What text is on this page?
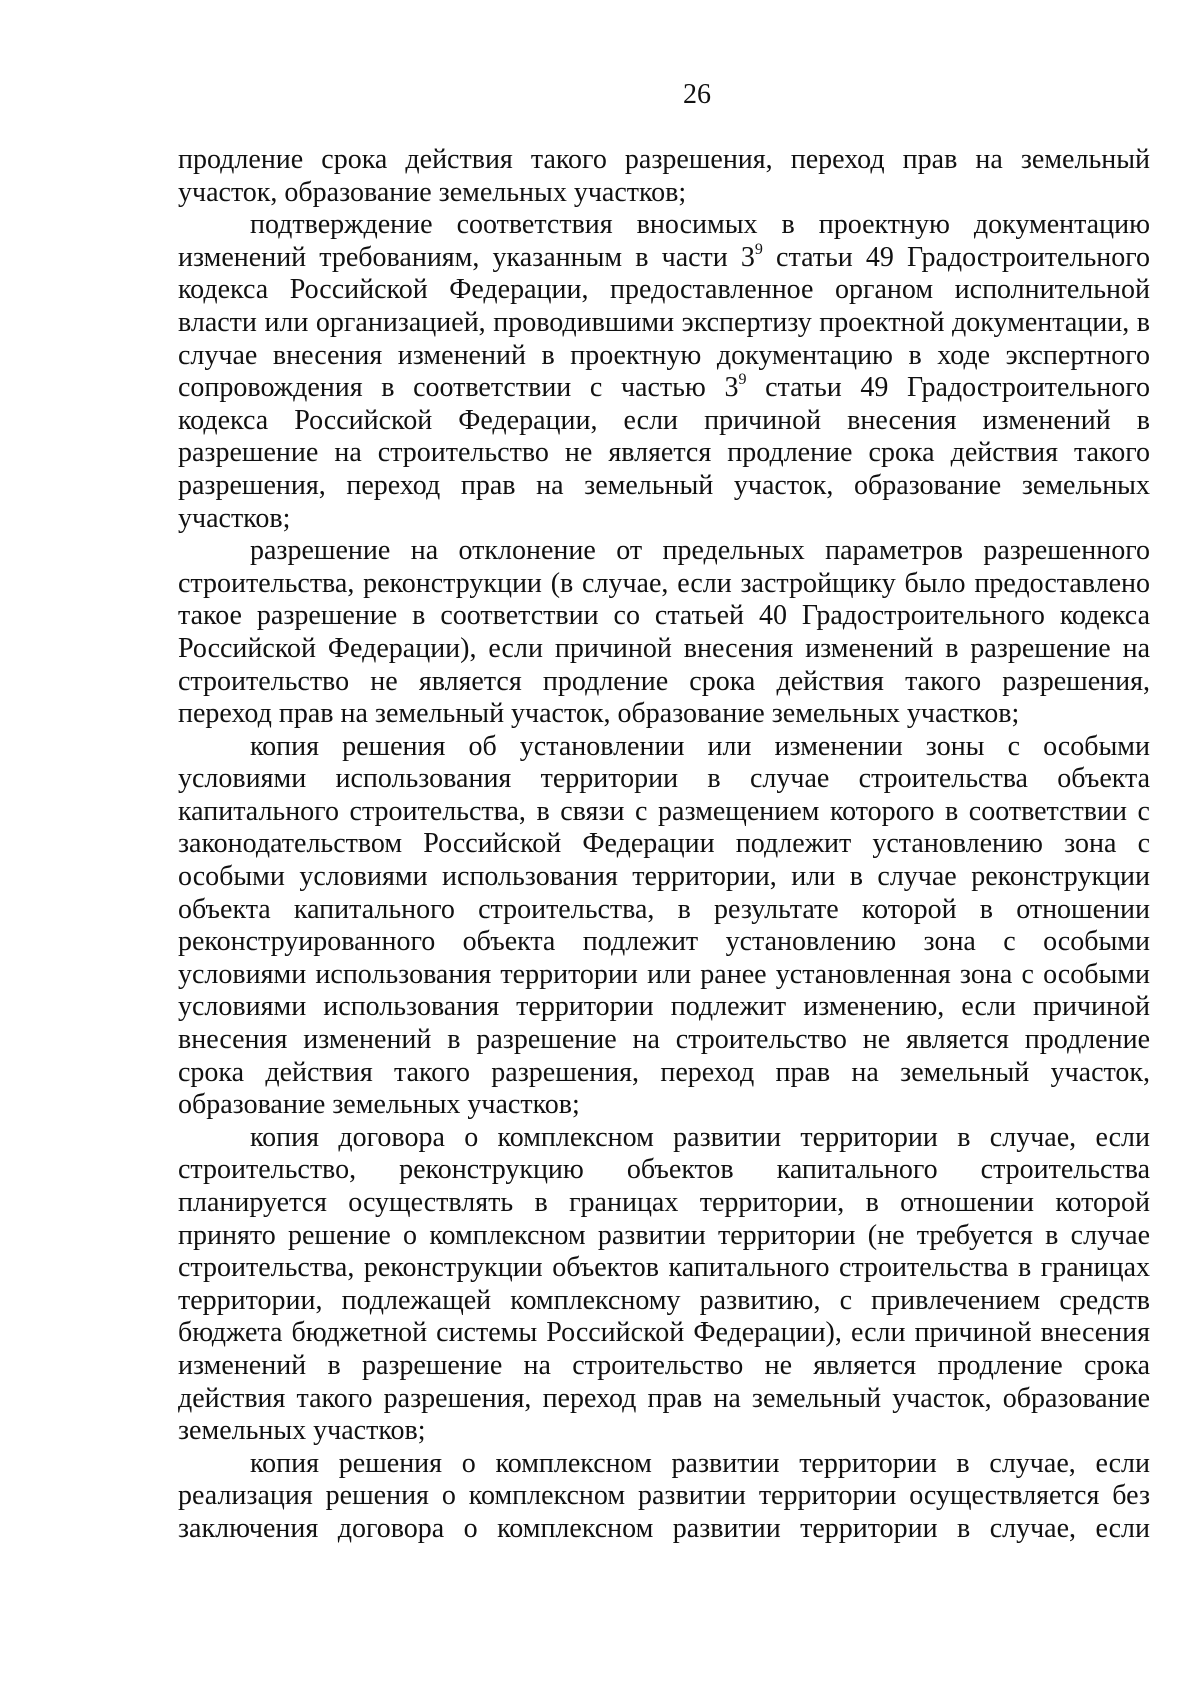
26

продление срока действия такого разрешения, переход прав на земельный участок, образование земельных участков;

подтверждение соответствия вносимых в проектную документацию изменений требованиям, указанным в части $3^9$ статьи 49 Градостроительного кодекса Российской Федерации, предоставленное органом исполнительной власти или организацией, проводившими экспертизу проектной документации, в случае внесения изменений в проектную документацию в ходе экспертного сопровождения в соответствии с частью $3^9$ статьи 49 Градостроительного кодекса Российской Федерации, если причиной внесения изменений в разрешение на строительство не является продление срока действия такого разрешения, переход прав на земельный участок, образование земельных участков;

разрешение на отклонение от предельных параметров разрешенного строительства, реконструкции (в случае, если застройщику было предоставлено такое разрешение в соответствии со статьей 40 Градостроительного кодекса Российской Федерации), если причиной внесения изменений в разрешение на строительство не является продление срока действия такого разрешения, переход прав на земельный участок, образование земельных участков;

копия решения об установлении или изменении зоны с особыми условиями использования территории в случае строительства объекта капитального строительства, в связи с размещением которого в соответствии с законодательством Российской Федерации подлежит установлению зона с особыми условиями использования территории, или в случае реконструкции объекта капитального строительства, в результате которой в отношении реконструированного объекта подлежит установлению зона с особыми условиями использования территории или ранее установленная зона с особыми условиями использования территории подлежит изменению, если причиной внесения изменений в разрешение на строительство не является продление срока действия такого разрешения, переход прав на земельный участок, образование земельных участков;

копия договора о комплексном развитии территории в случае, если строительство, реконструкцию объектов капитального строительства планируется осуществлять в границах территории, в отношении которой принято решение о комплексном развитии территории (не требуется в случае строительства, реконструкции объектов капитального строительства в границах территории, подлежащей комплексному развитию, с привлечением средств бюджета бюджетной системы Российской Федерации), если причиной внесения изменений в разрешение на строительство не является продление срока действия такого разрешения, переход прав на земельный участок, образование земельных участков;

копия решения о комплексном развитии территории в случае, если реализация решения о комплексном развитии территории осуществляется без заключения договора о комплексном развитии территории в случае, если
